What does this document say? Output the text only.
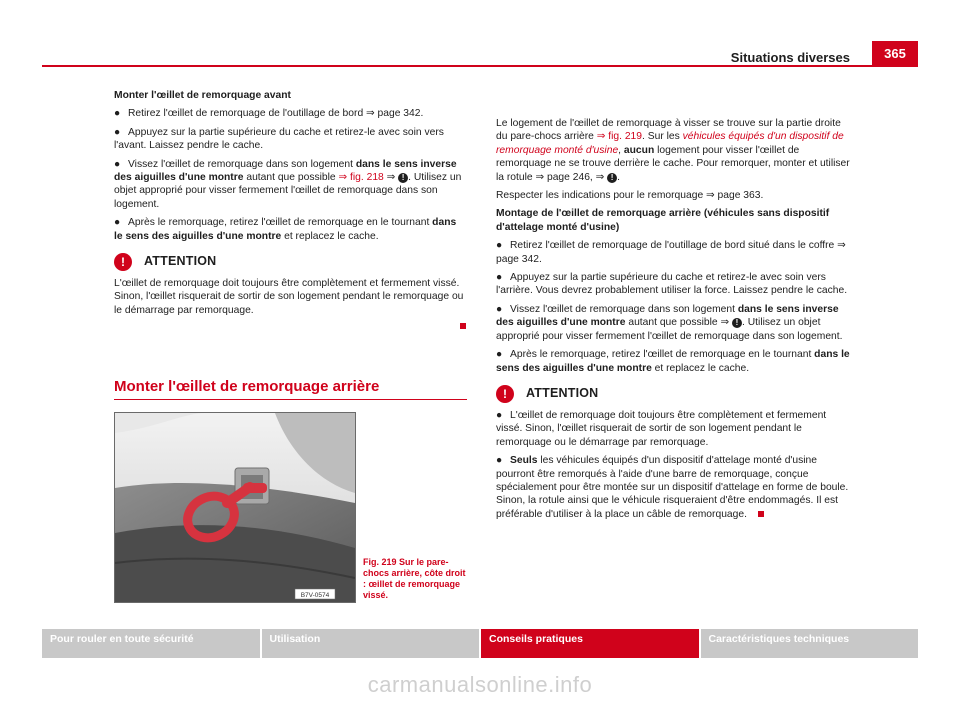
Situations diverses	365

Monter l'œillet de remorquage avant

● Retirez l'œillet de remorquage de l'outillage de bord ⇒ page 342.

● Appuyez sur la partie supérieure du cache et retirez-le avec soin vers l'avant. Laissez pendre le cache.

● Vissez l'œillet de remorquage dans son logement dans le sens inverse des aiguilles d'une montre autant que possible ⇒ fig. 218 ⇒ ! . Utilisez un objet approprié pour visser fermement l'œillet de remorquage dans son logement.

● Après le remorquage, retirez l'œillet de remorquage en le tournant dans le sens des aiguilles d'une montre et replacez le cache.

!	ATTENTION

L'œillet de remorquage doit toujours être complètement et fermement vissé. Sinon, l'œillet risquerait de sortir de son logement pendant le remorquage ou le démarrage par remorquage.

Monter l'œillet de remorquage arrière
B7V-0574
Fig. 219 Sur le pare-chocs arrière, côte droit : œillet de remorquage vissé.

Le logement de l'œillet de remorquage à visser se trouve sur la partie droite du pare-chocs arrière ⇒ fig. 219. Sur les véhicules équipés d'un dispositif de remorquage monté d'usine, aucun logement pour visser l'œillet de remorquage ne se trouve derrière le cache. Pour remorquer, monter et utiliser la rotule ⇒ page 246, ⇒ ! .

Respecter les indications pour le remorquage ⇒ page 363.

Montage de l'œillet de remorquage arrière (véhicules sans dispositif d'attelage monté d'usine)

● Retirez l'œillet de remorquage de l'outillage de bord situé dans le coffre ⇒ page 342.

● Appuyez sur la partie supérieure du cache et retirez-le avec soin vers l'arrière. Vous devrez probablement utiliser la force. Laissez pendre le cache.

● Vissez l'œillet de remorquage dans son logement dans le sens inverse des aiguilles d'une montre autant que possible ⇒ ! . Utilisez un objet approprié pour visser fermement l'œillet de remorquage dans son logement.

● Après le remorquage, retirez l'œillet de remorquage en le tournant dans le sens des aiguilles d'une montre et replacez le cache.

!	ATTENTION

● L'œillet de remorquage doit toujours être complètement et fermement vissé. Sinon, l'œillet risquerait de sortir de son logement pendant le remorquage ou le démarrage par remorquage.

● Seuls les véhicules équipés d'un dispositif d'attelage monté d'usine pourront être remorqués à l'aide d'une barre de remorquage, conçue spécialement pour être montée sur un dispositif d'attelage en forme de boule. Sinon, la rotule ainsi que le véhicule risqueraient d'être endommagés. Il est préférable d'utiliser à la place un câble de remorquage.

Pour rouler en toute sécurité	Utilisation	Conseils pratiques	Caractéristiques techniques
carmanualsonline.info
